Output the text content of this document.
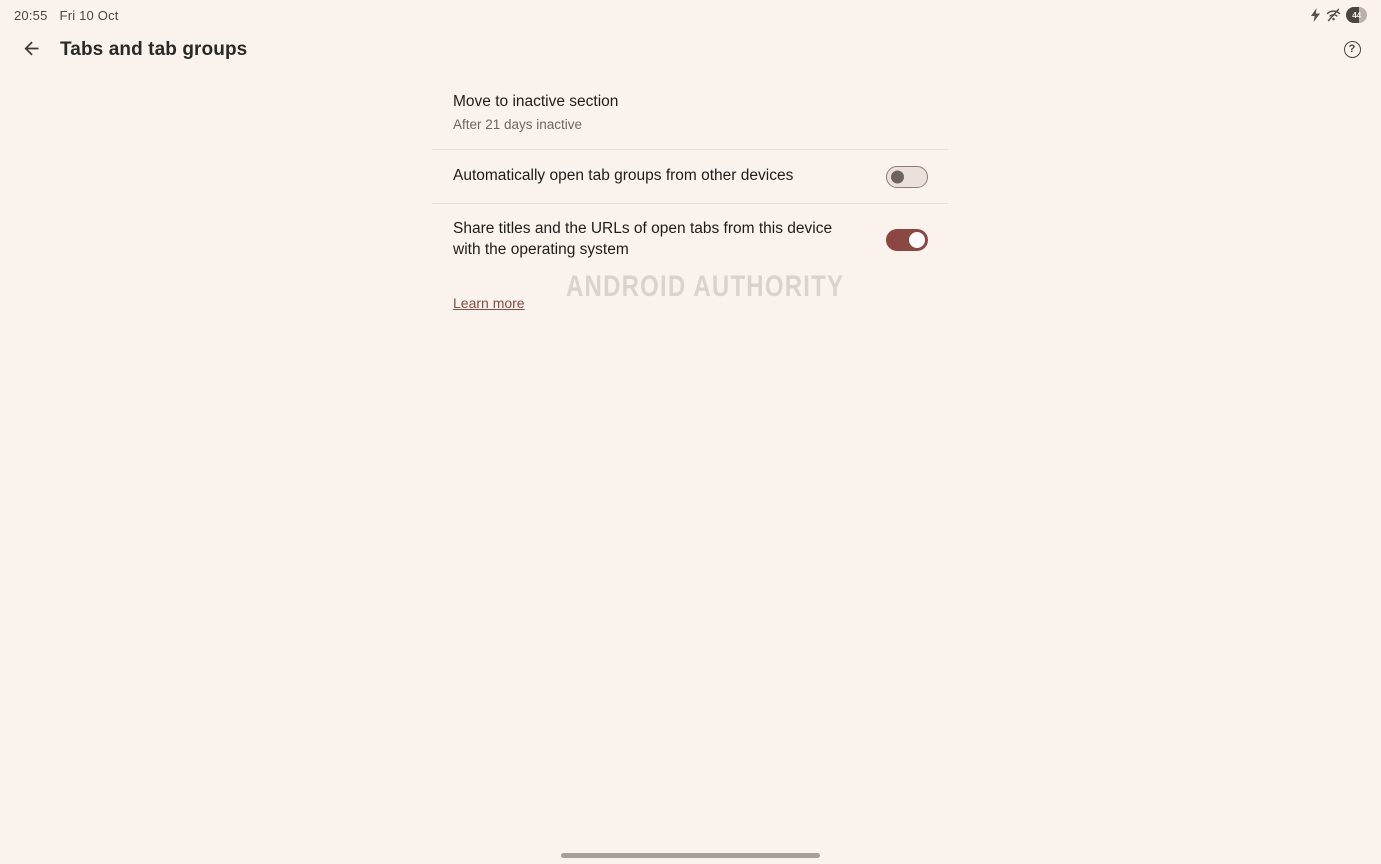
20:55 Fri 10 Oct	44
Tabs and tab groups	?
Move to inactive section
After 21 days inactive
Automatically open tab groups from other devices
Share titles and the URLs of open tabs from this device with the operating system
Learn more	ANDROID AUTHORITY
